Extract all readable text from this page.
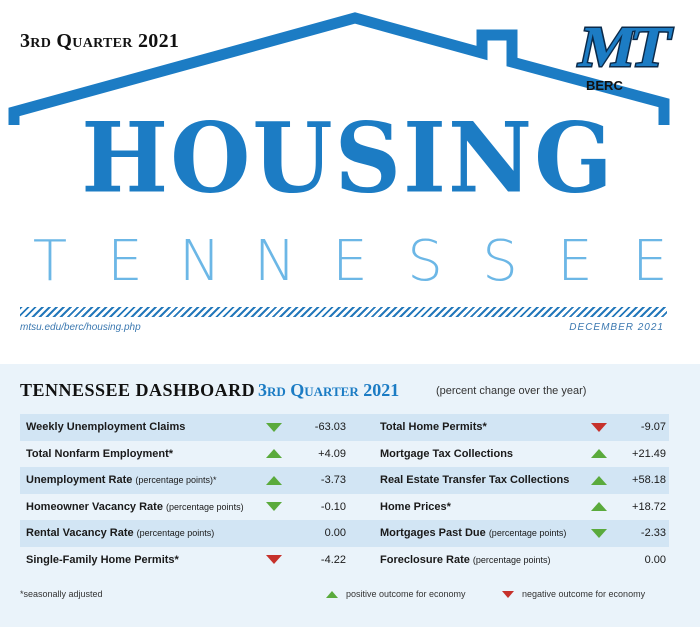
3rd Quarter 2021
HOUSING
T E N N E S S E E
mtsu.edu/berc/housing.php	DECEMBER 2021
MT
BERC
TENNESSEE DASHBOARD 3rd Quarter 2021	(percent change over the year)
Weekly Unemployment Claims	-63.03	Total Home Permits*	-9.07
Total Nonfarm Employment*	+4.09	Mortgage Tax Collections	+21.49
Unemployment Rate (percentage points)*	-3.73	Real Estate Transfer Tax Collections	+58.18
Homeowner Vacancy Rate (percentage points)	-0.10	Home Prices*	+18.72
Rental Vacancy Rate (percentage points)	0.00	Mortgages Past Due (percentage points)	-2.33
Single-Family Home Permits*	-4.22	Foreclosure Rate (percentage points)	0.00
*seasonally adjusted	positive outcome for economy	negative outcome for economy
